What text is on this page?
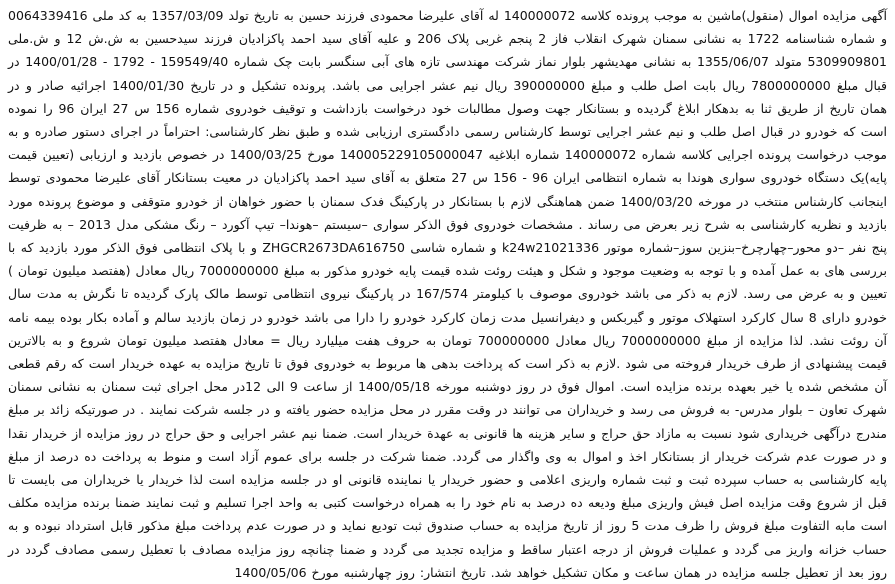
آگهی مزایده اموال (منقول)ماشین به موجب پرونده کلاسه 140000072 له آقای علیرضا محمودی فرزند حسین به تاریخ تولد 1357/03/09 به کد ملی 0064339416 و شماره شناسنامه 1722 به نشانی سمنان شهرک انقلاب فاز 2 پنجم غربی پلاک 206 و علیه آقای سید احمد پاکزادیان فرزند سیدحسین به ش.ش 12 و ش.ملی 5309909801 متولد 1355/06/07 به نشانی مهدیشهر بلوار نماز شرکت مهندسی تازه های آبی سنگسر بابت چک شماره 159549/40 - 1792 - 1400/01/28 در قبال مبلغ 7800000000 ریال بابت اصل طلب و مبلغ 390000000 ریال نیم عشر اجرایی می باشد. پرونده تشکیل و در تاریخ 1400/01/30 اجرائیه صادر و در همان تاریخ از طریق ثنا به بدهکار ابلاغ گردیده و بستانکار جهت وصول مطالبات خود درخواست بازداشت و توقیف خودروی شماره 156 س 27 ایران 96 را نموده است که خودرو در قبال اصل طلب و نیم عشر اجرایی توسط کارشناس رسمی دادگستری ارزیابی شده و طبق نظر کارشناسی: احتراماً در اجرای دستور صادره و به موجب درخواست پرونده اجرایی کلاسه شماره 140000072 شماره ابلاغیه 140005229105000047 مورخ 1400/03/25 در خصوص بازدید و ارزیابی (تعیین قیمت پایه)یک دستگاه خودروی سواری هوندا به شماره انتظامی ایران 96 - 156 س 27 متعلق به آقای سید احمد پاکزادیان در معیت بستانکار آقای علیرضا محمودی توسط اینجانب کارشناس منتخب در مورخه 1400/03/20 ضمن هماهنگی لازم با بستانکار در پارکینگ فدک سمنان با حضور خواهان از خودرو متوقفی و موضوع پرونده مورد بازدید و نظریه کارشناسی به شرح زیر بعرض می رساند . مشخصات خودروی فوق الذکر سواری –سیستم –هوندا– تیپ آکورد – رنگ مشکی مدل 2013 – به ظرفیت پنج نفر –دو محور–چهارچرخ–بنزین سوز–شماره موتور k24w21021336 و شماره شاسی ZHGCR2673DA616750 و با پلاک انتظامی فوق الذکر مورد بازدید که با بررسی های به عمل آمده و با توجه به وضعیت موجود و شکل و هیئت روئت شده قیمت پایه خودرو مذکور به مبلغ 7000000000 ریال معادل (هفتصد میلیون تومان ) تعیین و به عرض می رسد. لازم به ذکر می باشد خودروی موصوف با کیلومتر 167/574 در پارکینگ نیروی انتظامی توسط مالک پارک گردیده تا نگرش به مدت سال خودرو دارای 8 سال کارکرد استهلاک موتور و گیربکس و دیفرانسیل مدت زمان کارکرد خودرو را دارا می باشد خودرو در زمان بازدید سالم و آماده بکار بوده بیمه نامه آن روئت نشد. لذا مزایده از مبلغ 7000000000 ریال معادل 700000000 تومان به حروف هفت میلیارد ریال = معادل هفتصد میلیون تومان شروع و به بالاترین قیمت پیشنهادی از طرف خریدار فروخته می شود .لازم به ذکر است که پرداخت بدهی ها مربوط به خودروی فوق تا تاریخ مزایده به عهده خریدار است که رقم قطعی آن مشخص شده یا خیر بعهده برنده مزایده است. اموال فوق در روز دوشنبه مورخه 1400/05/18 از ساعت 9 الی 12در محل اجرای ثبت سمنان به نشانی سمنان شهرک تعاون – بلوار مدرس- به فروش می رسد و خریداران می توانند در وقت مقرر در محل مزایده حضور یافته و در جلسه شرکت نمایند . در صورتیکه زائد بر مبلغ مندرج درآگهی خریداری شود نسبت به مازاد حق حراج و سایر هزینه ها قانونی به عهدة خریدار است. ضمنا نیم عشر اجرایی و حق حراج در روز مزایده از خریدار نقدا و در صورت عدم شرکت خریدار از بستانکار اخذ و اموال به وی واگذار می گردد. ضمنا شرکت در جلسه برای عموم آزاد است و منوط به پرداخت ده درصد از مبلغ پایه کارشناسی به حساب سپرده ثبت و ثبت شماره واریزی اعلامی و حضور خریدار یا نماینده قانونی او در جلسه مزایده است لذا خریدار یا خریداران می بایست تا قبل از شروع وقت مزایده اصل فیش واریزی مبلغ ودیعه ده درصد به نام خود را به همراه درخواست کتبی به واحد اجرا تسلیم و ثبت نمایند ضمنا برنده مزایده مکلف است مابه التفاوت مبلغ فروش را ظرف مدت 5 روز از تاریخ مزایده به حساب صندوق ثبت تودیع نماید و در صورت عدم پرداخت مبلغ مذکور قابل استرداد نبوده و به حساب خزانه واریز می گردد و عملیات فروش از درجه اعتبار ساقط و مزایده تجدید می گردد و ضمنا چنانچه روز مزایده مصادف با تعطیل رسمی مصادف گردد در روز بعد از تعطیل جلسه مزایده در همان ساعت و مکان تشکیل خواهد شد. تاریخ انتشار: روز چهارشنبه مورخ 1400/05/06
